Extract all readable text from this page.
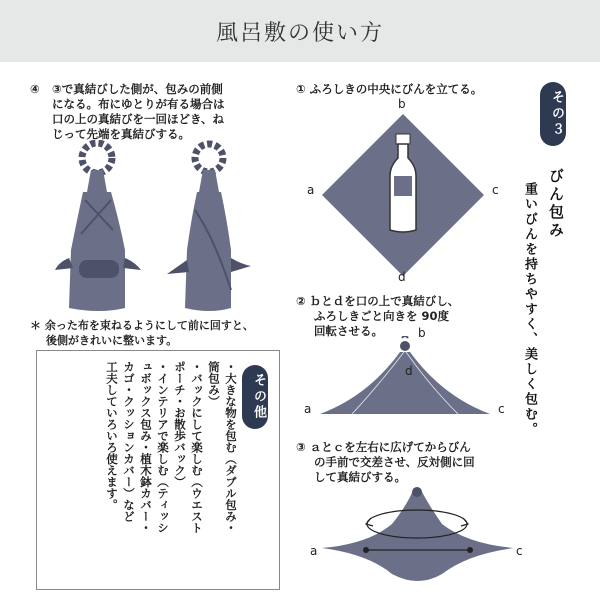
風呂敷の使い方
④ ③で真結びした側が、包みの前側
になる。布にゆとりが有る場合は
口の上の真結びを一回ほどき、ね
じって先端を真結びする。
＊ 余った布を束ねるようにして前に回すと、
後側がきれいに整います。
その他
・大きな物を包む（ダブル包み・
筒包み）
・バックにして楽しむ（ウエスト
ポーチ・お散歩バック）
・インテリアで楽しむ（ティッシ
ュボックス包み・植木鉢カバー・
カゴ・クッションカバー）など
工夫していろいろ使えます。
① ふろしきの中央にびんを立てる。
b
a	c
d
② ｂとｄを口の上で真結びし、
ふろしきごと向きを 90度
回転させる。	b
d
a	c
③ ａとｃを左右に広げてからびん
の手前で交差させ、反対側に回
して真結びする。
a	c
その３
びん包み
重いびんを持ちやすく、美しく包む。
